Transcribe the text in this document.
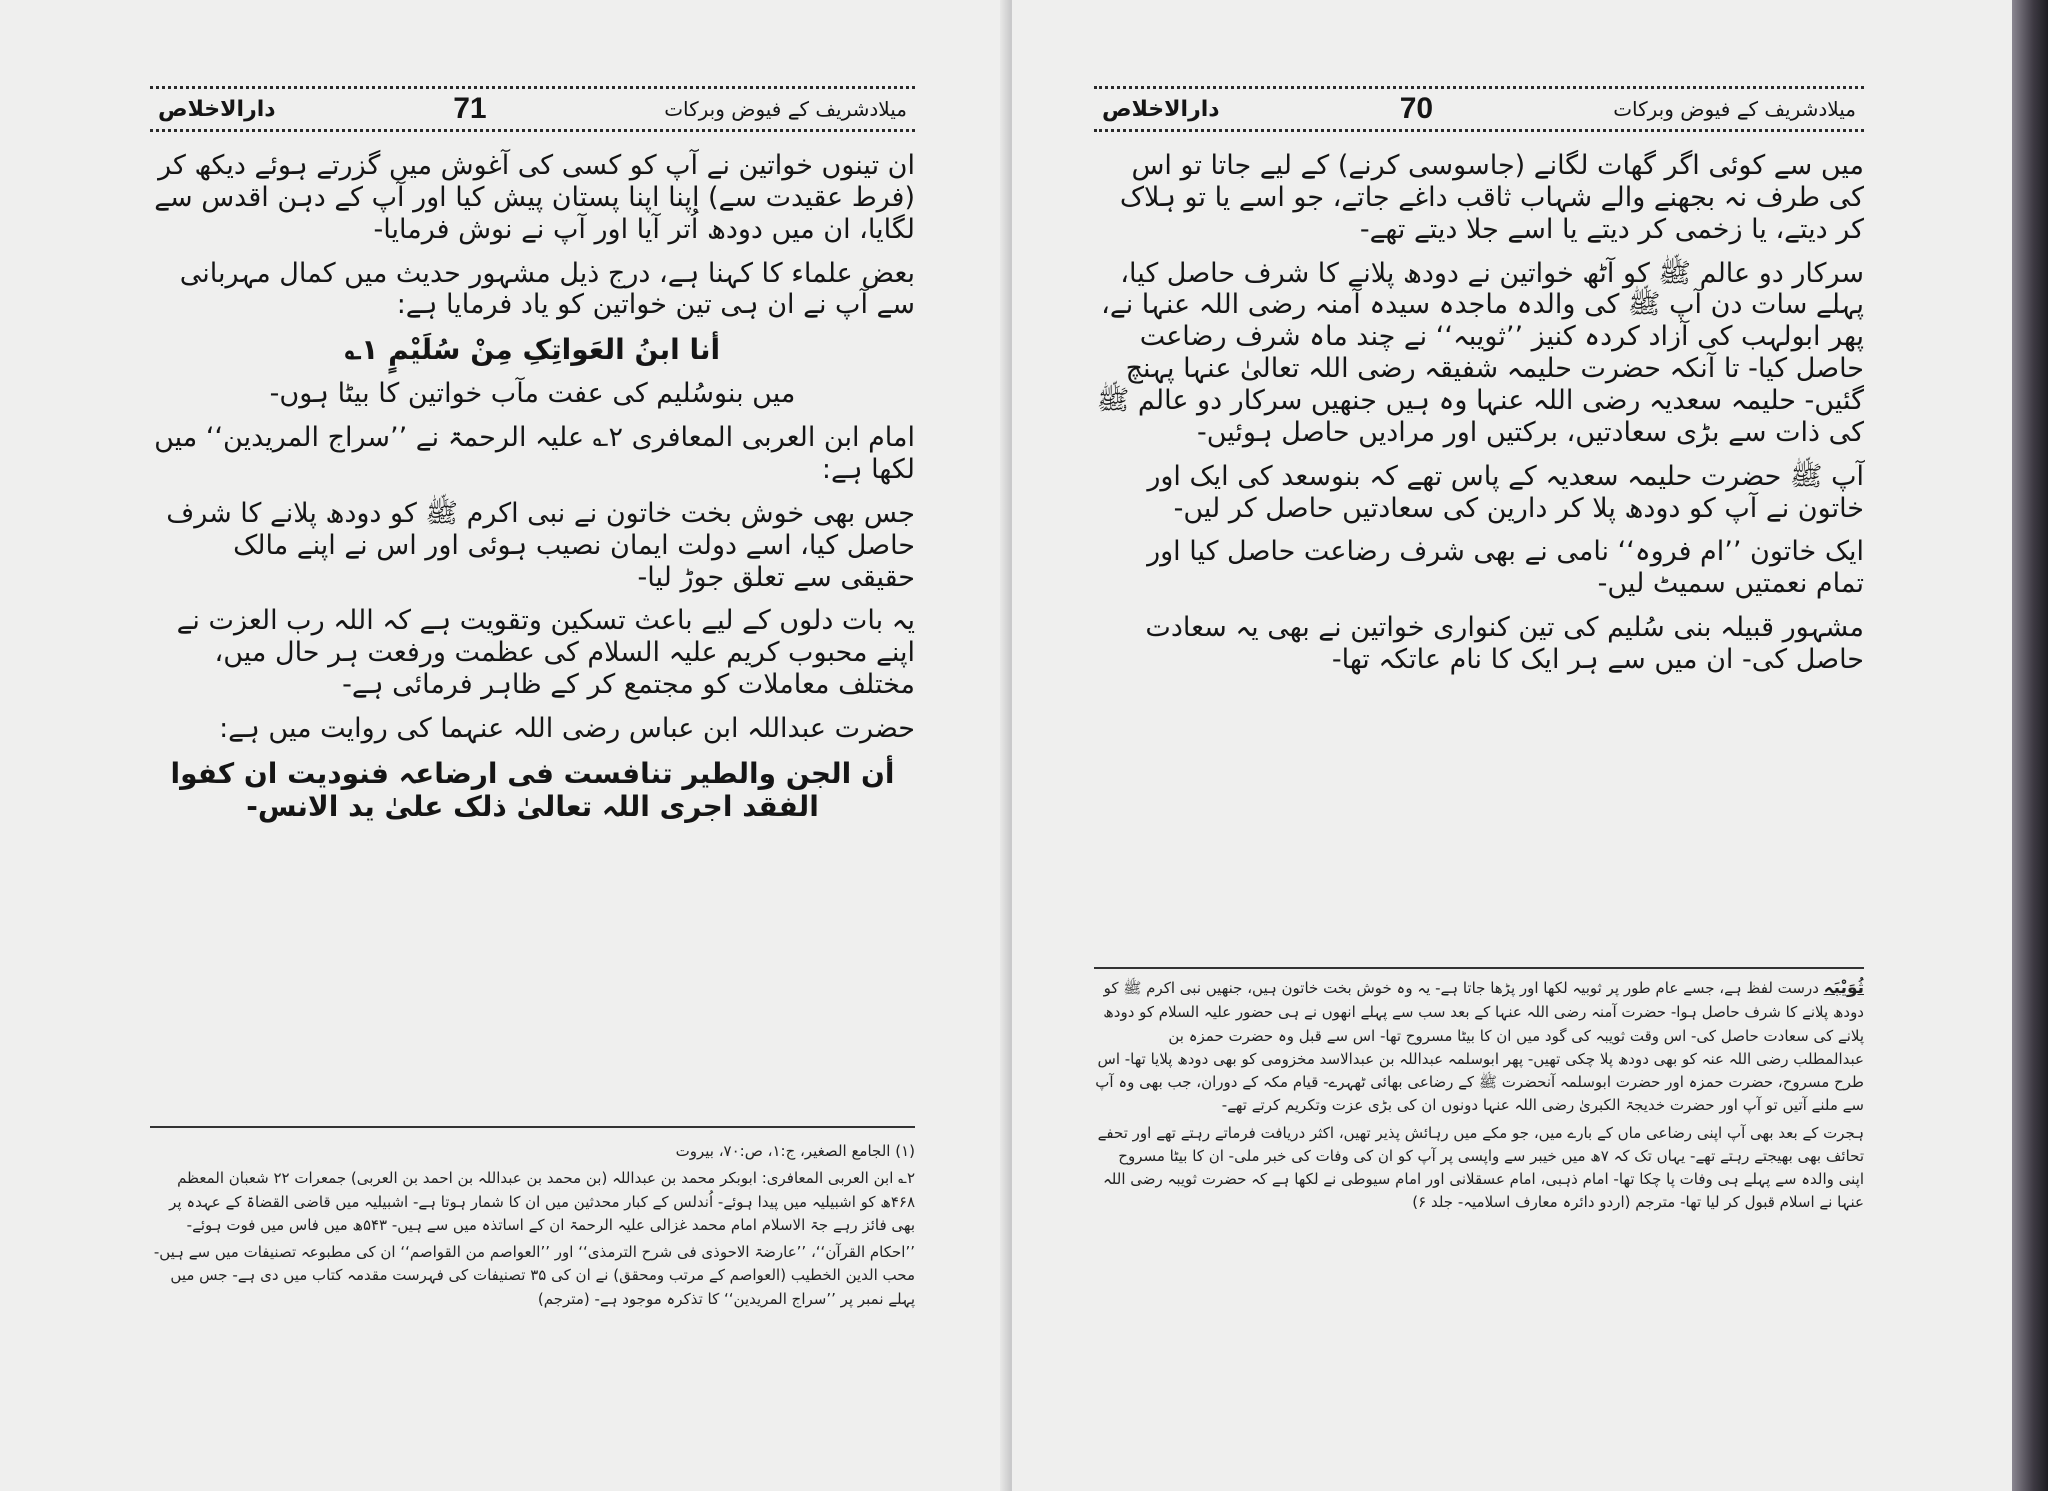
دارالاخلاص	71	میلادشریف کے فیوض وبرکات

ان تینوں خواتین نے آپ کو کسی کی آغوش میں گزرتے ہوئے دیکھ کر (فرط عقیدت سے) اپنا اپنا پستان پیش کیا اور آپ کے دہن اقدس سے لگایا، ان میں دودھ اُتر آیا اور آپ نے نوش فرمایا-

بعض علماء کا کہنا ہے، درج ذیل مشہور حدیث میں کمال مہربانی سے آپ نے ان ہی تین خواتین کو یاد فرمایا ہے:

أنا ابنُ العَواتِکِ مِنْ سُلَیْمٍ ۱؎

میں بنوسُلیم کی عفت مآب خواتین کا بیٹا ہوں-

امام ابن العربی المعافری ۲؎ علیہ الرحمۃ نے ’’سراج المریدین‘‘ میں لکھا ہے:

جس بھی خوش بخت خاتون نے نبی اکرم ﷺ کو دودھ پلانے کا شرف حاصل کیا، اسے دولت ایمان نصیب ہوئی اور اس نے اپنے مالک حقیقی سے تعلق جوڑ لیا-

یہ بات دلوں کے لیے باعث تسکین وتقویت ہے کہ اللہ رب العزت نے اپنے محبوب کریم علیہ السلام کی عظمت ورفعت ہر حال میں، مختلف معاملات کو مجتمع کر کے ظاہر فرمائی ہے-

حضرت عبداللہ ابن عباس رضی اللہ عنہما کی روایت میں ہے:

أن الجن والطیر تنافست فی ارضاعہ فنودیت ان کفوا الفقد اجری اللہ تعالیٰ ذلک علیٰ ید الانس-

(۱) الجامع الصغیر، ج:۱، ص:۷۰، بیروت

۲؎ ابن العربی المعافری: ابوبکر محمد بن عبداللہ (بن محمد بن عبداللہ بن احمد بن العربی) جمعرات ۲۲ شعبان المعظم ۴۶۸ھ کو اشبیلیہ میں پیدا ہوئے- اُندلس کے کبار محدثین میں ان کا شمار ہوتا ہے- اشبیلیہ میں قاضی القضاۃ کے عہدہ پر بھی فائز رہے جۃ الاسلام امام محمد غزالی علیہ الرحمۃ ان کے اساتذہ میں سے ہیں- ۵۴۳ھ میں فاس میں فوت ہوئے-

’’احکام القرآن‘‘، ’’عارضۃ الاحوذی فی شرح الترمذی‘‘ اور ’’العواصم من القواصم‘‘ ان کی مطبوعہ تصنیفات میں سے ہیں- محب الدین الخطیب (العواصم کے مرتب ومحقق) نے ان کی ۳۵ تصنیفات کی فہرست مقدمہ کتاب میں دی ہے- جس میں پہلے نمبر پر ’’سراج المریدین‘‘ کا تذکرہ موجود ہے- (مترجم)

دارالاخلاص	70	میلادشریف کے فیوض وبرکات

میں سے کوئی اگر گھات لگانے (جاسوسی کرنے) کے لیے جاتا تو اس کی طرف نہ بجھنے والے شہاب ثاقب داغے جاتے، جو اسے یا تو ہلاک کر دیتے، یا زخمی کر دیتے یا اسے جلا دیتے تھے-

سرکار دو عالم ﷺ کو آٹھ خواتین نے دودھ پلانے کا شرف حاصل کیا، پہلے سات دن آپ ﷺ کی والدہ ماجدہ سیدہ آمنہ رضی اللہ عنہا نے، پھر ابولہب کی آزاد کردہ کنیز ’’ثویبہ‘‘ نے چند ماہ شرف رضاعت حاصل کیا- تا آنکہ حضرت حلیمہ شفیقہ رضی اللہ تعالیٰ عنہا پہنچ گئیں- حلیمہ سعدیہ رضی اللہ عنہا وہ ہیں جنھیں سرکار دو عالم ﷺ کی ذات سے بڑی سعادتیں، برکتیں اور مرادیں حاصل ہوئیں-

آپ ﷺ حضرت حلیمہ سعدیہ کے پاس تھے کہ بنوسعد کی ایک اور خاتون نے آپ کو دودھ پلا کر دارین کی سعادتیں حاصل کر لیں-

ایک خاتون ’’ام فروہ‘‘ نامی نے بھی شرف رضاعت حاصل کیا اور تمام نعمتیں سمیٹ لیں-

مشہور قبیلہ بنی سُلیم کی تین کنواری خواتین نے بھی یہ سعادت حاصل کی- ان میں سے ہر ایک کا نام عاتکہ تھا-

ثُوَیْبَہ درست لفظ ہے، جسے عام طور پر ثوبیہ لکھا اور پڑھا جاتا ہے- یہ وہ خوش بخت خاتون ہیں، جنھیں نبی اکرم ﷺ کو دودھ پلانے کا شرف حاصل ہوا- حضرت آمنہ رضی اللہ عنہا کے بعد سب سے پہلے انھوں نے ہی حضور علیہ السلام کو دودھ پلانے کی سعادت حاصل کی- اس وقت ثویبہ کی گود میں ان کا بیٹا مسروح تھا- اس سے قبل وہ حضرت حمزہ بن عبدالمطلب رضی اللہ عنہ کو بھی دودھ پلا چکی تھیں- پھر ابوسلمہ عبداللہ بن عبدالاسد مخزومی کو بھی دودھ پلایا تھا- اس طرح مسروح، حضرت حمزہ اور حضرت ابوسلمہ آنحضرت ﷺ کے رضاعی بھائی ٹھہرے- قیام مکہ کے دوران، جب بھی وہ آپ سے ملنے آتیں تو آپ اور حضرت خدیجۃ الکبریٰ رضی اللہ عنہا دونوں ان کی بڑی عزت وتکریم کرتے تھے-

ہجرت کے بعد بھی آپ اپنی رضاعی ماں کے بارے میں، جو مکے میں رہائش پذیر تھیں، اکثر دریافت فرماتے رہتے تھے اور تحفے تحائف بھی بھیجتے رہتے تھے- یہاں تک کہ ۷ھ میں خیبر سے واپسی پر آپ کو ان کی وفات کی خبر ملی- ان کا بیٹا مسروح اپنی والدہ سے پہلے ہی وفات پا چکا تھا- امام ذہبی، امام عسقلانی اور امام سیوطی نے لکھا ہے کہ حضرت ثویبہ رضی اللہ عنہا نے اسلام قبول کر لیا تھا- مترجم (اردو دائرہ معارف اسلامیہ- جلد ۶)
